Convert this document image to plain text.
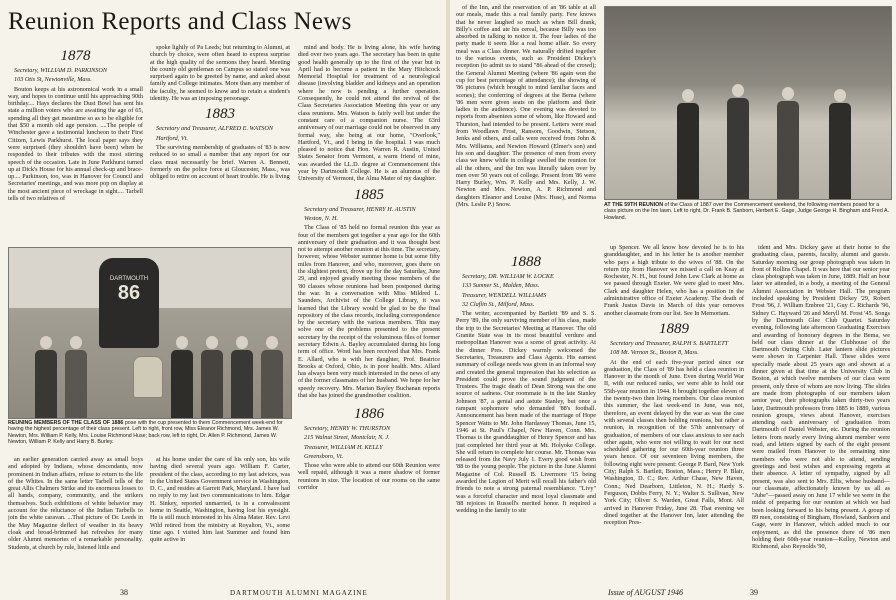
Reunion Reports and Class News
1878

Secretary, WILLIAM D. PARKINSON

103 Otis St, Newtonville, Mass.

Bouton keeps at his astronomical work in a small way, and hopes to continue until his approaching 90th birthday.... Hays declares the Dust Bowl has sent his state a million voters who are awaiting the age of 65, spending all they get meantime so as to be eligible for that $50 a month old age pension. ....The people of Winchester gave a testimonial luncheon to their First Citizen, Lewis Parkhurst. The local paper says they were surprised (they shouldn't have been) when he responded to their tributes with the most stirring speech of the occasion. Late in June Parkhurst turned up at Dick's House for his annual check-up and brace-up.... Parkinson, too, was in Hanover for Council and Secretaries' meetings, and was more pop on display at the most ancient piece of wreckage in sight.... Tarbell tells of two relatives of

spoke lightly of Pa Leeds; but returning to Alumni, at church by choice, were often heard to express surprise at the high quality of the sermons they heard. Meeting the county old gentleman on Campus so stated one was surprised again to be greeted by name, and asked about family and College intimates. More than any member of the faculty, he seemed to know and to retain a student's identity. He was an imposing personage.

1883

Secretary and Treasurer, ALFRED E. WATSON

Hartford, Vt.

The surviving membership of graduates of '83 is now reduced to so small a number that any report for our class must necessarily be brief. Warren A. Bennett, formerly on the police force at Gloucester, Mass., was obliged to retire on account of heart trouble. He is living

mind and body. He is living alone, his wife having died over two years ago. The secretary has been in quite good health generally up to the first of the year but in April had to become a patient in the Mary Hitchcock Memorial Hospital for treatment of a neurological disease (involving bladder and kidneys and an operation where he now is pending a further operation. Consequently, he could not attend the revival of the Class Secretaries Association Meeting this year or any class reunions. Mrs. Watson is fairly well but under the constant care of a companion nurse. The 63rd anniversary of our marriage could not be observed in any formal way, she being at our home, "Overlook," Hartford, Vt., and I being in the hospital. I was much pleased to notice that Hon. Warren R. Austin, United States Senator from Vermont, a warm friend of mine, was awarded the LL.D. degree at Commencement this year by Dartmouth College. He is an alumnus of the University of Vermont, the Alma Mater of my daughter.

1885

Secretary and Treasurer, HENRY H. AUSTIN

Weston, N. H.

The Class of '85 held no formal reunion this year as four of the members got together a year ago for the 60th anniversary of their graduation and it was thought best not to attempt another reunion at this time. The secretary, however, whose Webster summer home is but some fifty miles from Hanover, and who, moreover, goes there on the slightest pretext, drove up for the day Saturday, June 29, and enjoyed greatly meeting those members of the '80 classes whose reunions had been postponed during the war. In a conversation with Miss Mildred L. Saunders, Archivist of the College Library, it was learned that the Library would be glad to be the final repository of the class records, including correspondence by the secretary with the various members. This may solve one of the problems presented to the present secretary by the receipt of the voluminous files of former secretary Edwin A. Bayley accumulated during his long term of office. Word has been received that Mrs. Frank E. Allard, who is with her daughter, Prof. Beatrice Brooks at Oxford, Ohio, is in poor health. Mrs. Allard has always been very much interested in the news of any of the former classmates of her husband. We hope for her speedy recovery. Mrs. Marian Bayley Buchanan reports that she has joined the grandmother coalition.

1886

Secretary, HENRY W. THURSTON

215 Walnut Street, Montclair, N. J.

Treasurer, WILLIAM H. KELLY

Greensboro, Vt.

Those who were able to attend our 60th Reunion were well repaid, although it was a mere shadow of former reunions in size. The location of our rooms on the same corridor

DARTMOUTH
86

REUNING MEMBERS OF THE CLASS OF 1886 pose with the cup presented to them Commencement week-end for having the highest percentage of their class present. Left to right, front row, Miss Eleanor Richmond, Mrs. James W. Newton, Mrs. William P. Kelly, Mrs. Louise Richmond Huse; back row, left to right, Dr. Allen P. Richmond, James W. Newton, William P. Kelly and Harry B. Burley.

an earlier generation carried away as small boys and adopted by Indians, whose descendants, now prominent in Indian affairs, refuse to return to the life of the Whites. In the same letter Tarbell tells of the great Allis Chalmers Strike and its enormous losses to all hands, company, community, and the strikers themselves. Such exhibitions of white behavior may account for the reluctance of the Indian Tarbells to join the white caravan. ...That picture of Dr. Leeds in the May Magazine deflect of weather in its heavy cloak and broad-brimmed hat refreshes for many older Alumni memories of a remarkable personality. Students, at church by rule, listened little and

at his home under the care of his only son, his wife having died several years ago. William F. Carter, president of the class, according to my last advices, was in the United States Government service in Washington, D. C., and resides at Garrett Park, Maryland. I have had no reply to my last two communications to him. Edgar H. Sinkey, reported unmarried, is in a convalescent home in Seattle, Washington, having lost his eyesight. He is still much interested in his Alma Mater. Rev. Levi Wild retired from the ministry at Royalton, Vt., some time ago. I visited him last Summer and found him quite active in

38	DARTMOUTH ALUMNI MAGAZINE

of the Inn, and the reservation of an '86 table at all our meals, made this a real family party. Few knows that he never laughed so much as when Bill drank, Billy's coffee and ate his cereal, because Billy was too absorbed in talking to notice it. The four ladies of the party made it seem like a real home affair. So every meal was a Class dinner. We naturally drifted together to the various events, such as President Dickey's reception (to admit us to stand "86 ahead of the crowd); the General Alumni Meeting (where '86 again won the cup for best percentage of attendance); the showing of '86 pictures (which brought to mind familiar faces and scenes); the conferring of degrees at the Bema (where '86 men were given seats on the platform and their ladies in the audience). One evening was devoted to reports from absentees some of whom, like Howard and Thurston, had intended to be present. Letters were read from Woodlawn Frost, Ransom, Goodwin, Stetson, Jenks and others, and calls were received from John & Mrs. Williams, and Newton Howard (Elmer's son) and his son and daughter. The presence of men from every class we knew while in college swelled the reunion for all the others, and the Inn was literally taken over by men over 50 years out of college. Present from '86 were Harry Burley, Wm. P. Kelly and Mrs. Kelly, J. W. Newton and Mrs. Newton, A. P. Richmond and daughters Eleanor and Louise (Mrs. Huse), and Norma (Mrs. Leslie P.) Snow.	AT THE 59TH REUNION of the Class of 1887 over the Commencement weekend, the following members posed for a class picture on the Inn lawn. Left to right, Dr. Frank B. Sanborn, Herbert E. Gage, Judge George H. Bingham and Fred A. Howland.

1888

Secretary, DR. WILLIAM W. LOCKE

133 Sumner St., Malden, Mass.

Treasurer, WENDELL WILLIAMS

32 Claflin St., Milford, Mass.

The writer, accompanied by Bartlett '89 and S. S. Perry '89, the only surviving member of his class, made the trip to the Secretaries' Meeting at Hanover. The old Granite State was in its most beautiful verdure and metropolitan Hanover was a scene of great activity. At the dinner Pres. Dickey warmly welcomed the Secretaries, Treasurers and Class Agents. His earnest summary of college needs was given in an informal way and created the general impression that his selection as President could prove the sound judgment of the Trustees. The tragic death of Dean Strong was the one source of sadness. Our roommate is in the late Stanley Johnson '87, a genial and astute Stanley, but once a rampant sophomore who demanded '88's football. Announcement has been made of the marriage of Hope Spencer Watts to Mr. John Hardaway Thomas, June 15, 1946 at St. Paul's Chapel, New Haven, Conn. Mrs. Thomas is the granddaughter of Henry Spencer and has just completed her third year at Mt. Holyoke College. She will return to complete her course. Mr. Thomas was released from the Navy July 1. Every good wish from '88 to the young people. The picture in the June Alumni Magazine of Col. Russell B. Livermore '15 being awarded the Legion of Merit will recall his father's old friends to note a strong paternal resemblance. "Livy" was a forceful character and most loyal classmate and '88 rejoices in Russell's merited honor. It required a wedding in the family to stir

up Spencer. We all know how devoted he is to his granddaughter, and in his letter he is another member who pays a high tribute to the wives of '88. On the return trip from Hanover we missed a call on Keay at Rochester, N. H., but found John Lew Clark at home as we passed through Exeter. We were glad to meet Mrs. Clark and daughter Helen, who has a position in the administrative office of Exeter Academy. The death of Frank Justus Davis in March of this year removes another classmate from our list. See In Memoriam.

1889

Secretary and Treasurer, RALPH S. BARTLETT

108 Mt. Vernon St., Boston 8, Mass.

At the end of each five-year period since our graduation, the Class of '89 has held a class reunion in Hanover in the month of June. Even during World War II, with our reduced ranks, we were able to hold our 55th-year reunion in 1944. It brought together eleven of the twenty-two then living members. Our class reunion this summer, the last week-end in June, was not, therefore, an event delayed by the war as was the case with several classes then holding reunions, but rather a reunion, in recognition of the 57th anniversary of graduation, of members of our class anxious to see each other again, who were not willing to wait for our next scheduled gathering for our 60th-year reunion three years hence. Of our seventeen living members, the following eight were present: George P. Bard, New York City; Ralph S. Bartlett, Boston, Mass.; Henry P. Blair, Washington, D. C.; Rev. Arthur Chase, New Haven, Conn.; Ned Dearborn, Littleton, N. H.; Hardy S. Ferguson, Dobbs Ferry, N. Y.; Walter S. Sullivan, New York City; Oliver S. Warden, Great Falls, Mont. All arrived in Hanover Friday, June 28. That evening we dined together at the Hanover Inn, later attending the reception Pres-

ident and Mrs. Dickey gave at their home to the graduating class, parents, faculty, alumni and guests. Saturday morning our group photograph was taken in front of Rollins Chapel. It was here that our senior year class photograph was taken in June, 1889. Half an hour later we attended, in a body, a meeting of the General Alumni Association in Webster Hall. The program included speaking by President Dickey '29, Robert Frost '96, J. William Embree '21, Guy C. Richards '96, Sidney C. Hayward '26 and Meryll M. Frost '45. Songs by the Dartmouth Glee Club Quartet. Saturday evening, following late afternoon Graduating Exercises and awarding of honorary degrees in the Bema, we held our class dinner at the Clubhouse of the Dartmouth Outing Club. Later lantern slide pictures were shown in Carpenter Hall. These slides were specially made about 25 years ago and shown at a dinner given at that time at the University Club in Boston, at which twelve members of our class were present, only three of whom are now living. The slides are made from photographs of our members taken senior year, their photographs taken thirty-two years later, Dartmouth professors from 1885 to 1889, various reunion groups, views about Hanover, exercises attending each anniversary of graduation from Dartmouth of Daniel Webster, etc. During the reunion letters from nearly every living alumni member were read, and letters signed by each of the eight present were mailed from Hanover to the remaining nine members who were not able to attend, sending greetings and best wishes and expressing regrets at their absence. A letter of sympathy, signed by all present, was also sent to Mrs. Ellis, whose husband—our classmate, affectionately known by us all as "Jube"—passed away on June 17 while we were in the midst of preparing for our reunion at which we had been looking forward to his being present. A group of 89 men, consisting of Bingham, Howland, Sanborn and Gage, were in Hanover, which added much to our enjoyment, as did the presence there of '86 men holding their 60th-year reunion—Kelley, Newton and Richmond, also Reynolds '90,

Issue of AUGUST 1946	39
